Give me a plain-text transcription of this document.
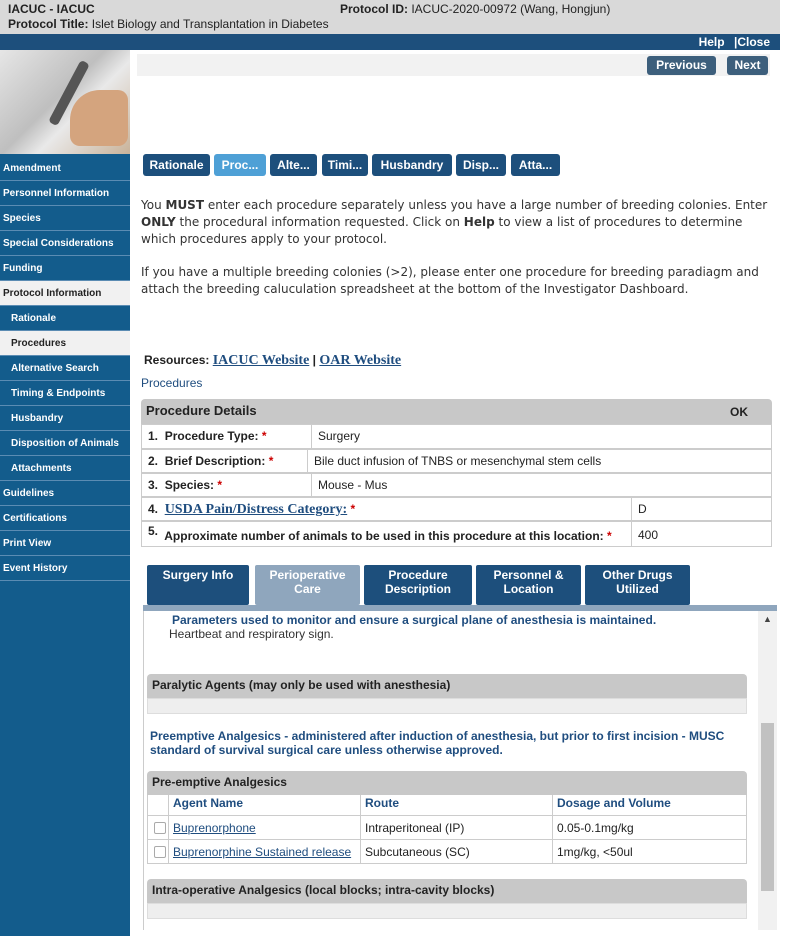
IACUC - IACUC
Protocol Title: Islet Biology and Transplantation in Diabetes
Protocol ID: IACUC-2020-00972 (Wang, Hongjun)
Help |Close
Amendment
Personnel Information
Species
Special Considerations
Funding
Protocol Information
Rationale
Procedures
Alternative Search
Timing & Endpoints
Husbandry
Disposition of Animals
Attachments
Guidelines
Certifications
Print View
Event History
Previous	Next
Rationale	Proc...	Alte...	Timi...	Husbandry	Disp...	Atta...
You MUST enter each procedure separately unless you have a large number of breeding colonies. Enter ONLY the procedural information requested. Click on Help to view a list of procedures to determine which procedures apply to your protocol.
If you have a multiple breeding colonies (>2), please enter one procedure for breeding paradiagm and attach the breeding caluculation spreadsheet at the bottom of the Investigator Dashboard.
Resources: IACUC Website | OAR Website
Procedures
Procedure Details	OK
1. Procedure Type: *	Surgery
2. Brief Description: *	Bile duct infusion of TNBS or mesenchymal stem cells
3. Species: *	Mouse - Mus
4. USDA Pain/Distress Category: *	D
5. Approximate number of animals to be used in this procedure at this location: *	400
Surgery Info	Perioperative
Care
Procedure
Description
Personnel &
Location
Other Drugs
Utilized
▲
Parameters used to monitor and ensure a surgical plane of anesthesia is maintained.
Heartbeat and respiratory sign.
Paralytic Agents (may only be used with anesthesia)
Preemptive Analgesics - administered after induction of anesthesia, but prior to first incision - MUSC standard of survival surgical care unless otherwise approved.
Pre-emptive Analgesics
Agent Name	Route	Dosage and Volume
Buprenorphone	Intraperitoneal (IP)	0.05-0.1mg/kg
Buprenorphine Sustained release	Subcutaneous (SC)	1mg/kg, <50ul
Intra-operative Analgesics (local blocks; intra-cavity blocks)
